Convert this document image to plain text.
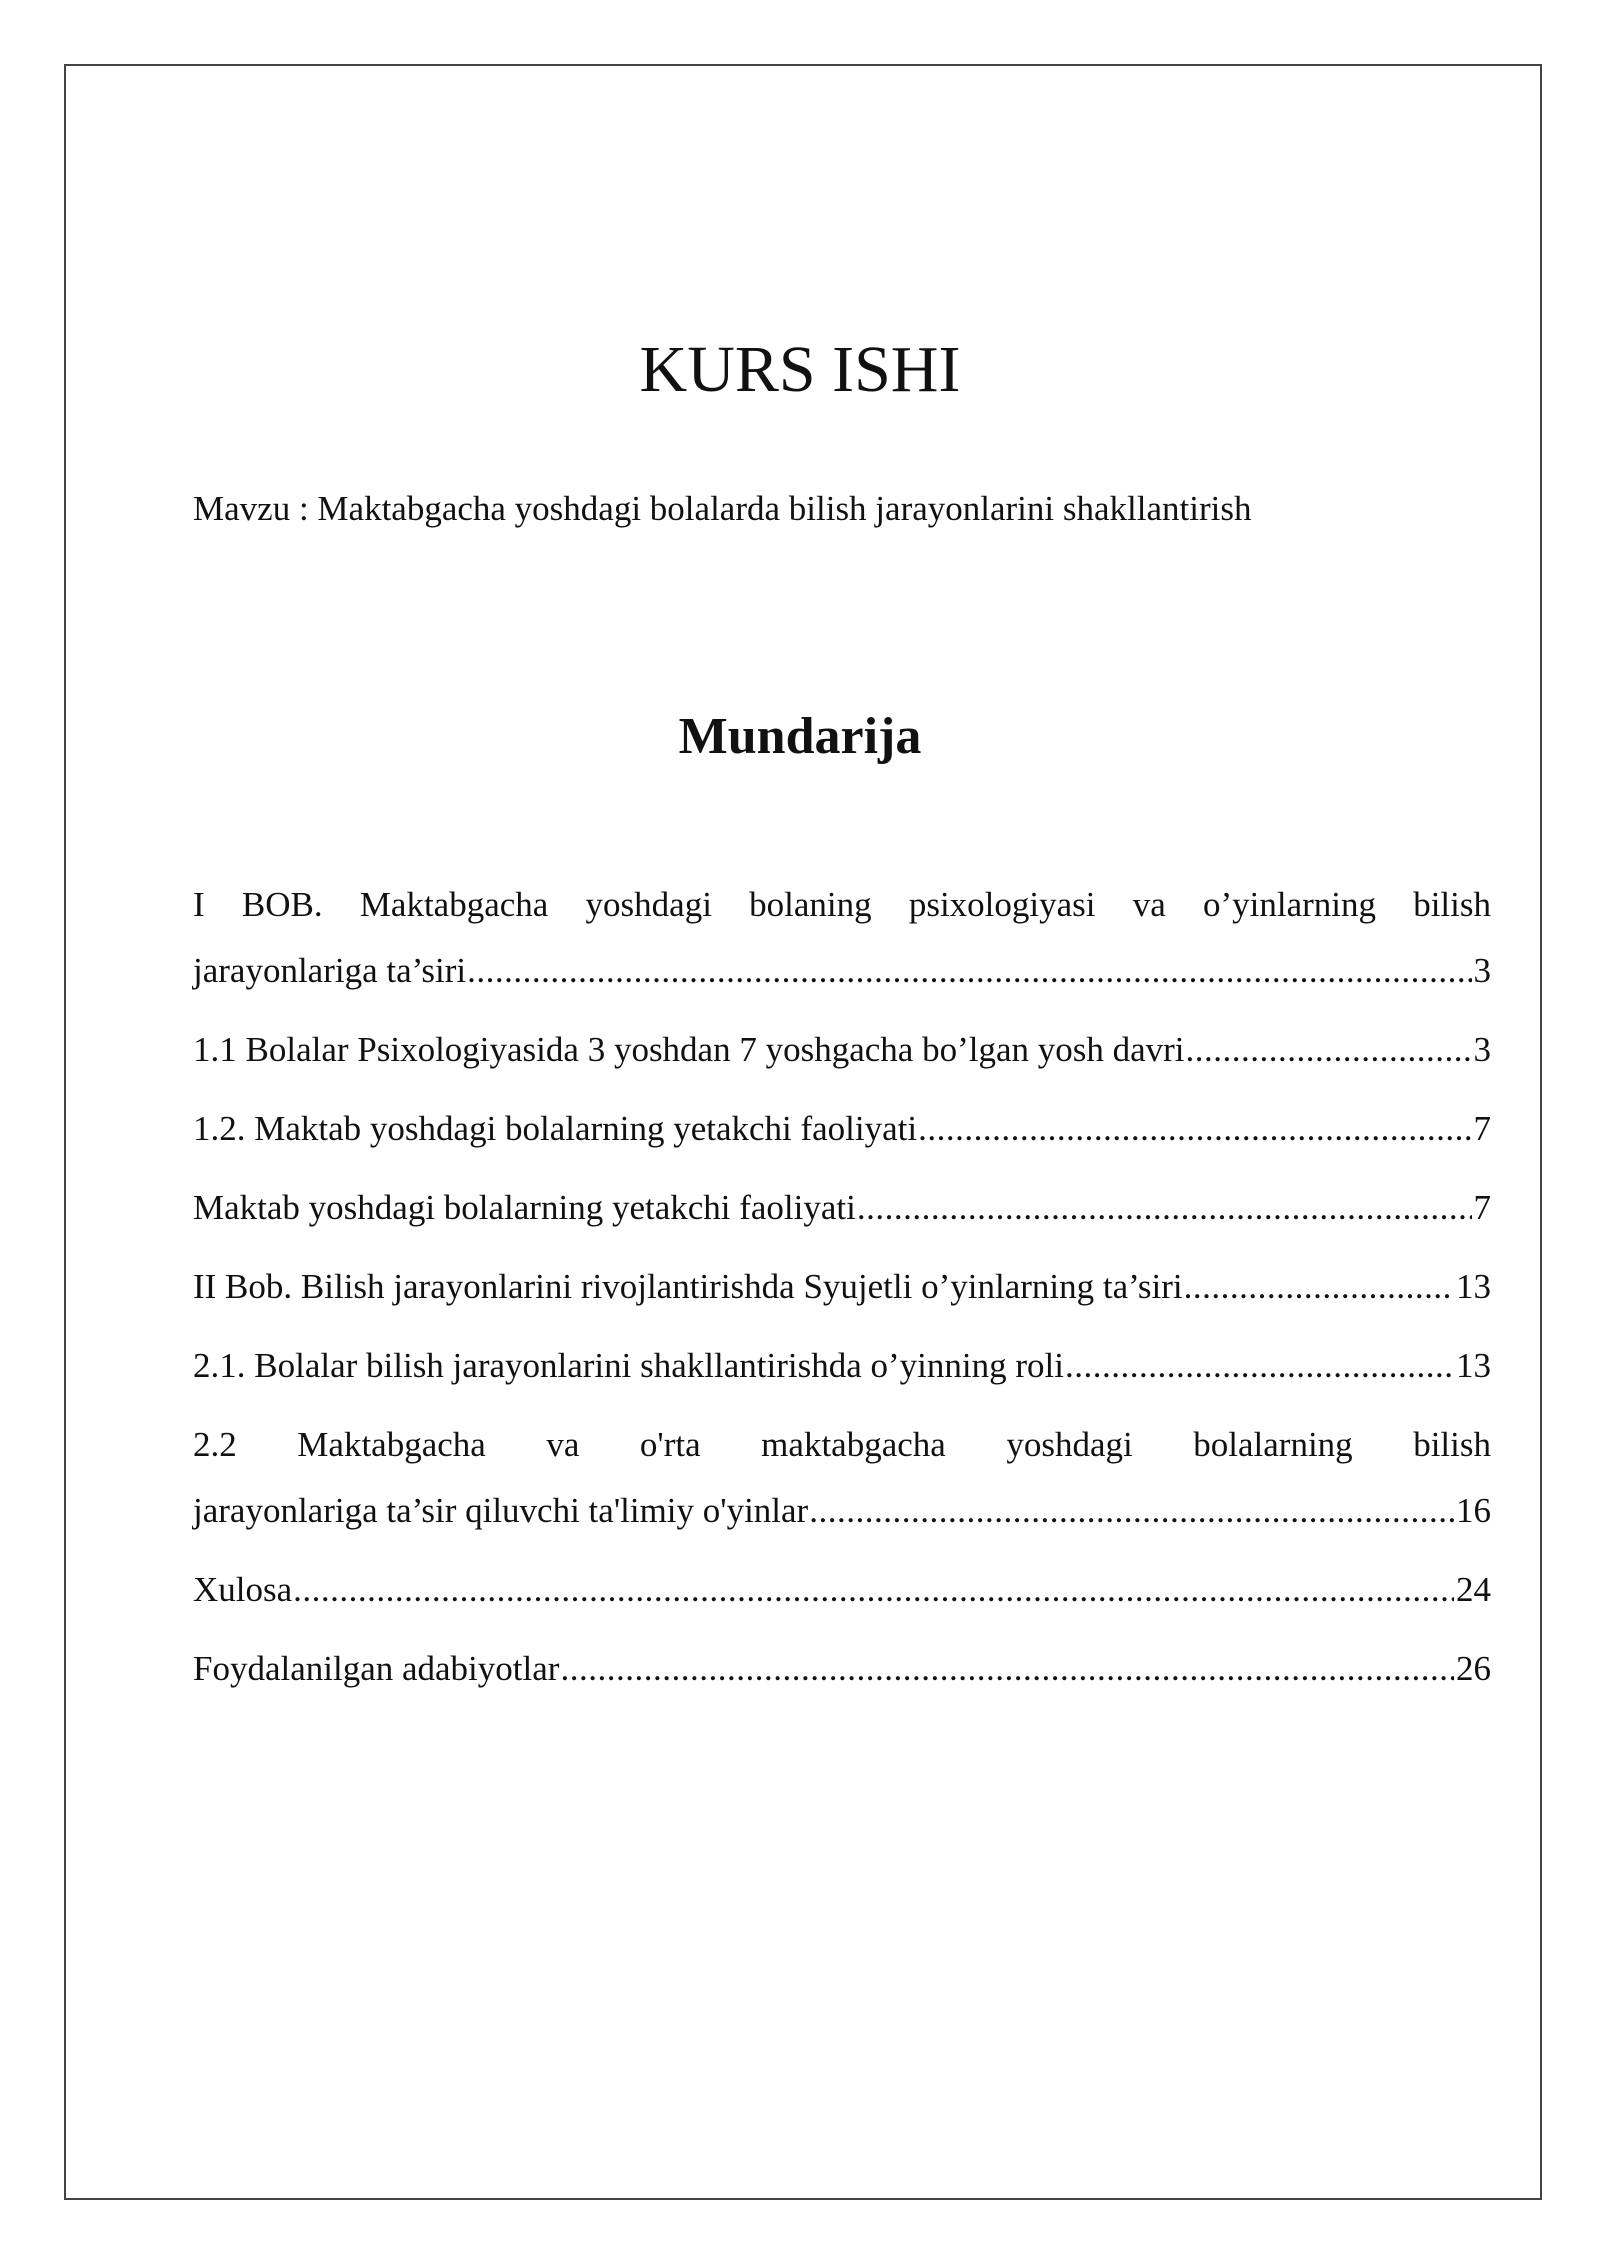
KURS ISHI

Mavzu : Maktabgacha yoshdagi bolalarda bilish jarayonlarini shakllantirish

Mundarija
I BOB. Maktabgacha yoshdagi bolaning psixologiyasi va o’yinlarning bilish
jarayonlariga ta’siri .....	3
1.1 Bolalar Psixologiyasida 3 yoshdan 7 yoshgacha bo’lgan yosh davri .....	3
1.2. Maktab yoshdagi bolalarning yetakchi faoliyati .....	7
Maktab yoshdagi bolalarning yetakchi faoliyati .....	7
II Bob. Bilish jarayonlarini rivojlantirishda Syujetli o’yinlarning ta’siri .....	13
2.1. Bolalar bilish jarayonlarini shakllantirishda o’yinning roli .....	13
2.2 Maktabgacha va o'rta maktabgacha yoshdagi bolalarning bilish
jarayonlariga ta’sir qiluvchi ta'limiy o'yinlar .....	16
Xulosa .....	24
Foydalanilgan adabiyotlar .....	26
